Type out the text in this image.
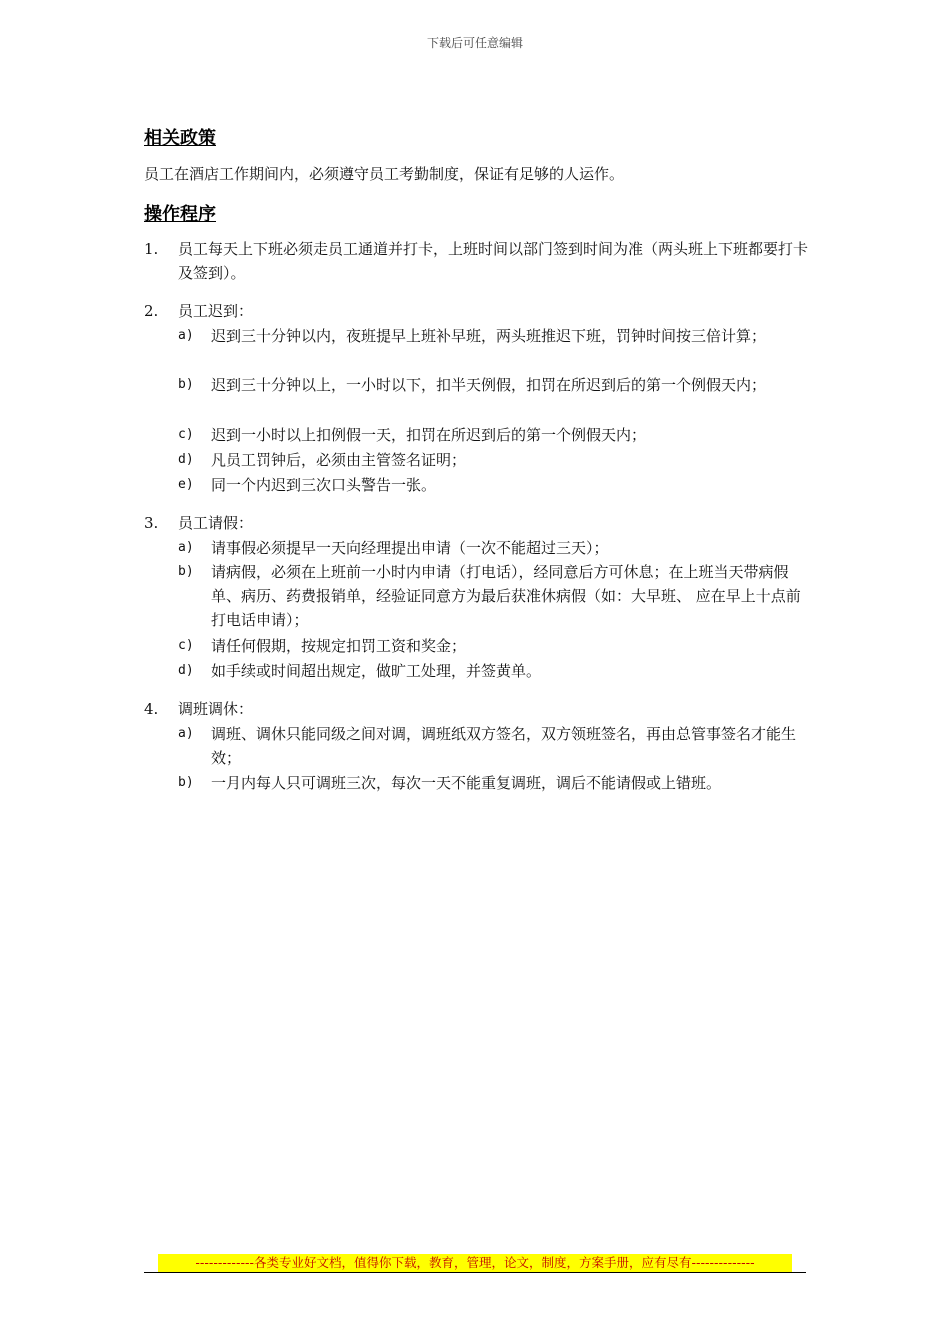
下载后可任意编辑
相关政策
员工在酒店工作期间内，必须遵守员工考勤制度，保证有足够的人运作。
操作程序
1. 员工每天上下班必须走员工通道并打卡，上班时间以部门签到时间为准（两头班上下班都要打卡及签到）。
2. 员工迟到：
a) 迟到三十分钟以内，夜班提早上班补早班，两头班推迟下班，罚钟时间按三倍计算；
b) 迟到三十分钟以上，一小时以下，扣半天例假，扣罚在所迟到后的第一个例假天内；
c) 迟到一小时以上扣例假一天，扣罚在所迟到后的第一个例假天内；
d) 凡员工罚钟后，必须由主管签名证明；
e) 同一个内迟到三次口头警告一张。
3. 员工请假：
a) 请事假必须提早一天向经理提出申请（一次不能超过三天）；
b) 请病假，必须在上班前一小时内申请（打电话），经同意后方可休息；在上班当天带病假单、病历、药费报销单，经验证同意方为最后获准休病假（如：大早班、 应在早上十点前打电话申请）；
c) 请任何假期，按规定扣罚工资和奖金；
d) 如手续或时间超出规定，做旷工处理，并签黄单。
4. 调班调休：
a) 调班、调休只能同级之间对调，调班纸双方签名，双方领班签名，再由总管事签名才能生效；
b) 一月内每人只可调班三次，每次一天不能重复调班，调后不能请假或上错班。
-------------各类专业好文档，值得你下载，教育，管理，论文，制度，方案手册，应有尽有--------------
